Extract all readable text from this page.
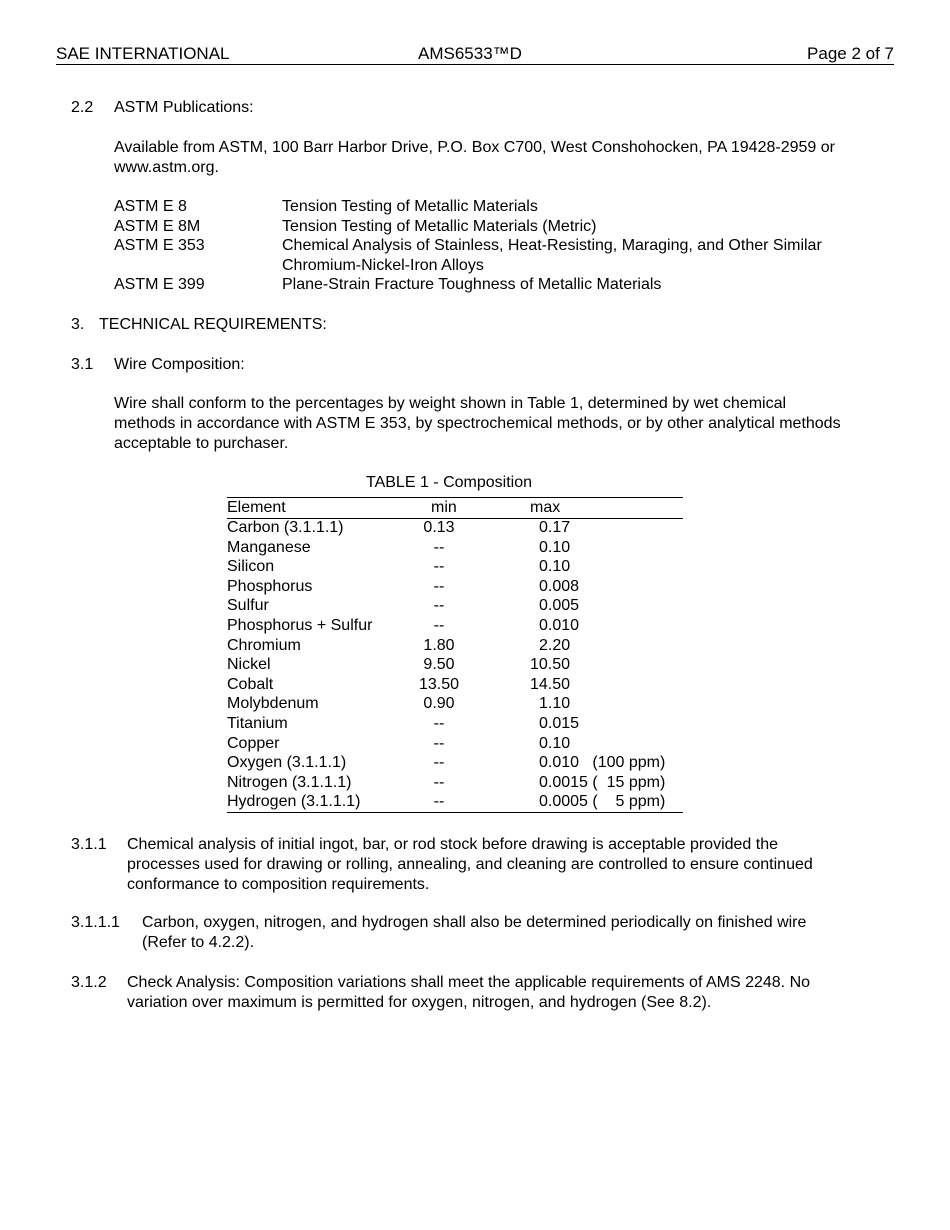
SAE INTERNATIONAL	AMS6533™D	Page 2 of 7
2.2 ASTM Publications:
Available from ASTM, 100 Barr Harbor Drive, P.O. Box C700, West Conshohocken, PA 19428-2959 or www.astm.org.
ASTM E 8	Tension Testing of Metallic Materials
ASTM E 8M	Tension Testing of Metallic Materials (Metric)
ASTM E 353	Chemical Analysis of Stainless, Heat-Resisting, Maraging, and Other Similar Chromium-Nickel-Iron Alloys
ASTM E 399	Plane-Strain Fracture Toughness of Metallic Materials
3. TECHNICAL REQUIREMENTS:
3.1 Wire Composition:
Wire shall conform to the percentages by weight shown in Table 1, determined by wet chemical methods in accordance with ASTM E 353, by spectrochemical methods, or by other analytical methods acceptable to purchaser.
TABLE 1 - Composition
Element	min	max
Carbon (3.1.1.1)	0.13	0.17
Manganese	--	0.10
Silicon	--	0.10
Phosphorus	--	0.008
Sulfur	--	0.005
Phosphorus + Sulfur	--	0.010
Chromium	1.80	2.20
Nickel	9.50	10.50
Cobalt	13.50	14.50
Molybdenum	0.90	1.10
Titanium	--	0.015
Copper	--	0.10
Oxygen (3.1.1.1)	--	0.010   (100 ppm)
Nitrogen (3.1.1.1)	--	0.0015 (  15 ppm)
Hydrogen (3.1.1.1)	--	0.0005 (    5 ppm)
3.1.1 Chemical analysis of initial ingot, bar, or rod stock before drawing is acceptable provided the processes used for drawing or rolling, annealing, and cleaning are controlled to ensure continued conformance to composition requirements.
3.1.1.1 Carbon, oxygen, nitrogen, and hydrogen shall also be determined periodically on finished wire (Refer to 4.2.2).
3.1.2 Check Analysis: Composition variations shall meet the applicable requirements of AMS 2248. No variation over maximum is permitted for oxygen, nitrogen, and hydrogen (See 8.2).
